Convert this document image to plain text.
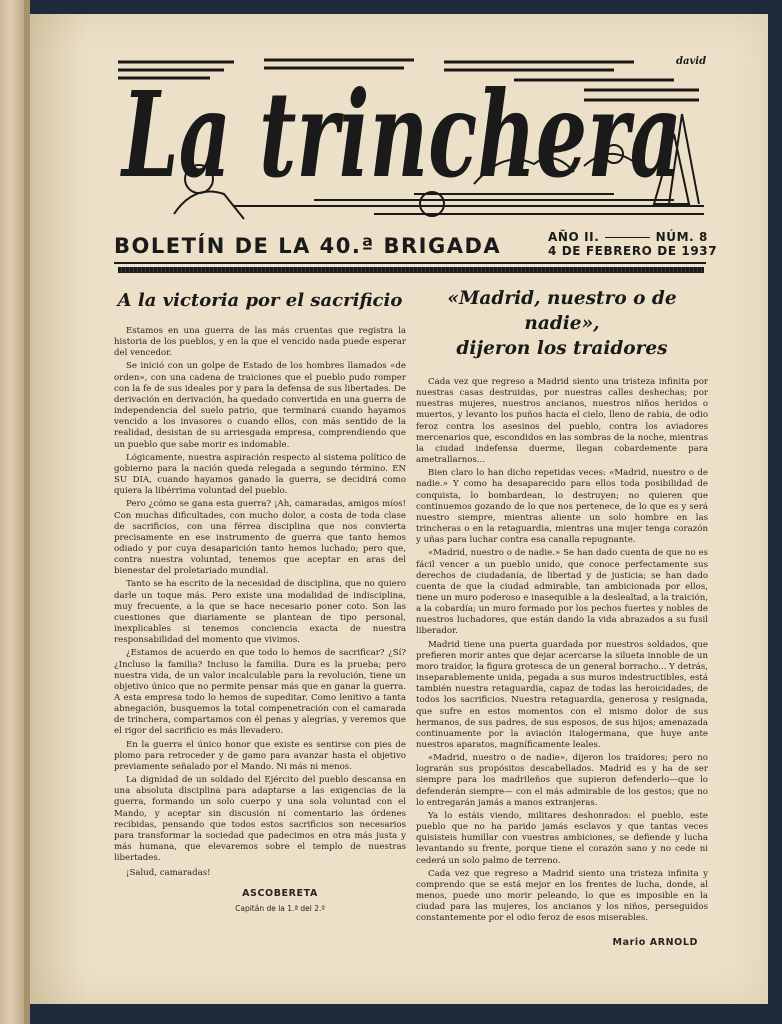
La trinchera
david
BOLETÍN DE LA 40.ª BRIGADA	AÑO II.	NÚM. 8
4 DE FEBRERO DE 1937
A la victoria por el sacrificio

Estamos en una guerra de las más cruentas que registra la historia de los pueblos, y en la que el vencido nada puede esperar del vencedor.

Se inició con un golpe de Estado de los hombres llamados «de orden», con una cadena de traiciones que el pueblo pudo romper con la fe de sus ideales por y para la defensa de sus libertades. De derivación en derivación, ha quedado convertida en una guerra de independencia del suelo patrio, que terminará cuando hayamos vencido a los invasores o cuando ellos, con más sentido de la realidad, desistan de su arriesgada empresa, comprendiendo que un pueblo que sabe morir es indomable.

Lógicamente, nuestra aspiración respecto al sistema político de gobierno para la nación queda relegada a segundo término. EN SU DIA, cuando hayamos ganado la guerra, se decidirá como quiera la libérrima voluntad del pueblo.

Pero ¿cómo se gana esta guerra? ¡Ah, camaradas, amigos míos! Con muchas dificultades, con mucho dolor, a costa de toda clase de sacrificios, con una férrea disciplina que nos convierta precisamente en ese instrumento de guerra que tanto hemos odiado y por cuya desaparición tanto hemos luchado; pero que, contra nuestra voluntad, tenemos que aceptar en aras del bienestar del proletariado mundial.

Tanto se ha escrito de la necesidad de disciplina, que no quiero darle un toque más. Pero existe una modalidad de indisciplina, muy frecuente, a la que se hace necesario poner coto. Son las cuestiones que diariamente se plantean de tipo personal, inexplicables si tenemos conciencia exacta de nuestra responsabilidad del momento que vivimos.

¿Estamos de acuerdo en que todo lo hemos de sacrificar? ¿Sí? ¿Incluso la familia? Incluso la familia. Dura es la prueba; pero nuestra vida, de un valor incalculable para la revolución, tiene un objetivo único que no permite pensar más que en ganar la guerra. A esta empresa todo lo hemos de supeditar. Como lenitivo a tanta abnegación, busquemos la total compenetración con el camarada de trinchera, compartamos con él penas y alegrías, y veremos que el rigor del sacrificio es más llevadero.

En la guerra el único honor que existe es sentirse con pies de plomo para retroceder y de gamo para avanzar hasta el objetivo previamente señalado por el Mando. Ni más ni menos.

La dignidad de un soldado del Ejército del pueblo descansa en una absoluta disciplina para adaptarse a las exigencias de la guerra, formando un solo cuerpo y una sola voluntad con el Mando, y aceptar sin discusión ni comentario las órdenes recibidas, pensando que todos estos sacrificios son necesarios para transformar la sociedad que padecimos en otra más justa y más humana, que elevaremos sobre el templo de nuestras libertades.

¡Salud, camaradas!

ASCOBERETA
Capitán de la 1.ª del 2.º
«Madrid, nuestro o de nadie»,
dijeron los traidores

Cada vez que regreso a Madrid siento una tristeza infinita por nuestras casas destruidas, por nuestras calles deshechas; por nuestras mujeres, nuestros ancianos, nuestros niños heridos o muertos, y levanto los puños hacia el cielo, lleno de rabia, de odio feroz contra los asesinos del pueblo, contra los aviadores mercenarios que, escondidos en las sombras de la noche, mientras la ciudad indefensa duerme, llegan cobardemente para ametrallarnos...

Bien claro lo han dicho repetidas veces: «Madrid, nuestro o de nadie.» Y como ha desaparecido para ellos toda posibilidad de conquista, lo bombardean, lo destruyen; no quieren que continuemos gozando de lo que nos pertenece, de lo que es y será nuestro siempre, mientras aliente un solo hombre en las trincheras o en la retaguardia, mientras una mujer tenga corazón y uñas para luchar contra esa canalla repugnante.

«Madrid, nuestro o de nadie.» Se han dado cuenta de que no es fácil vencer a un pueblo unido, que conoce perfectamente sus derechos de ciudadanía, de libertad y de justicia; se han dado cuenta de que la ciudad admirable, tan ambicionada por ellos, tiene un muro poderoso e inasequible a la deslealtad, a la traición, a la cobardía; un muro formado por los pechos fuertes y nobles de nuestros luchadores, que están dando la vida abrazados a su fusil liberador.

Madrid tiene una puerta guardada por nuestros soldados, que prefieren morir antes que dejar acercarse la silueta innoble de un moro traidor, la figura grotesca de un general borracho... Y detrás, inseparablemente unida, pegada a sus muros indestructibles, está también nuestra retaguardia, capaz de todas las heroicidades, de todos los sacrificios. Nuestra retaguardia, generosa y resignada, que sufre en estos momentos con el mismo dolor de sus hermanos, de sus padres, de sus esposos, de sus hijos; amenazada continuamente por la aviación italogermana, que huye ante nuestros aparatos, magníficamente leales.

«Madrid, nuestro o de nadie», dijeron los traidores; pero no lograrán sus propósitos descabellados. Madrid es y ha de ser siempre para los madrileños que supieron defenderlo—que lo defenderán siempre— con el más admirable de los gestos; que no lo entregarán jamás a manos extranjeras.

Ya lo estáis viendo, militares deshonrados: el pueblo, este pueblo que no ha parido jamás esclavos y que tantas veces quisisteis humillar con vuestras ambiciones, se defiende y lucha levantando su frente, porque tiene el corazón sano y no cede ni cederá un solo palmo de terreno.

Cada vez que regreso a Madrid siento una tristeza infinita y comprendo que se está mejor en los frentes de lucha, donde, al menos, puede uno morir peleando, lo que es imposible en la ciudad para las mujeres, los ancianos y los niños, perseguidos constantemente por el odio feroz de esos miserables.

Mario ARNOLD
